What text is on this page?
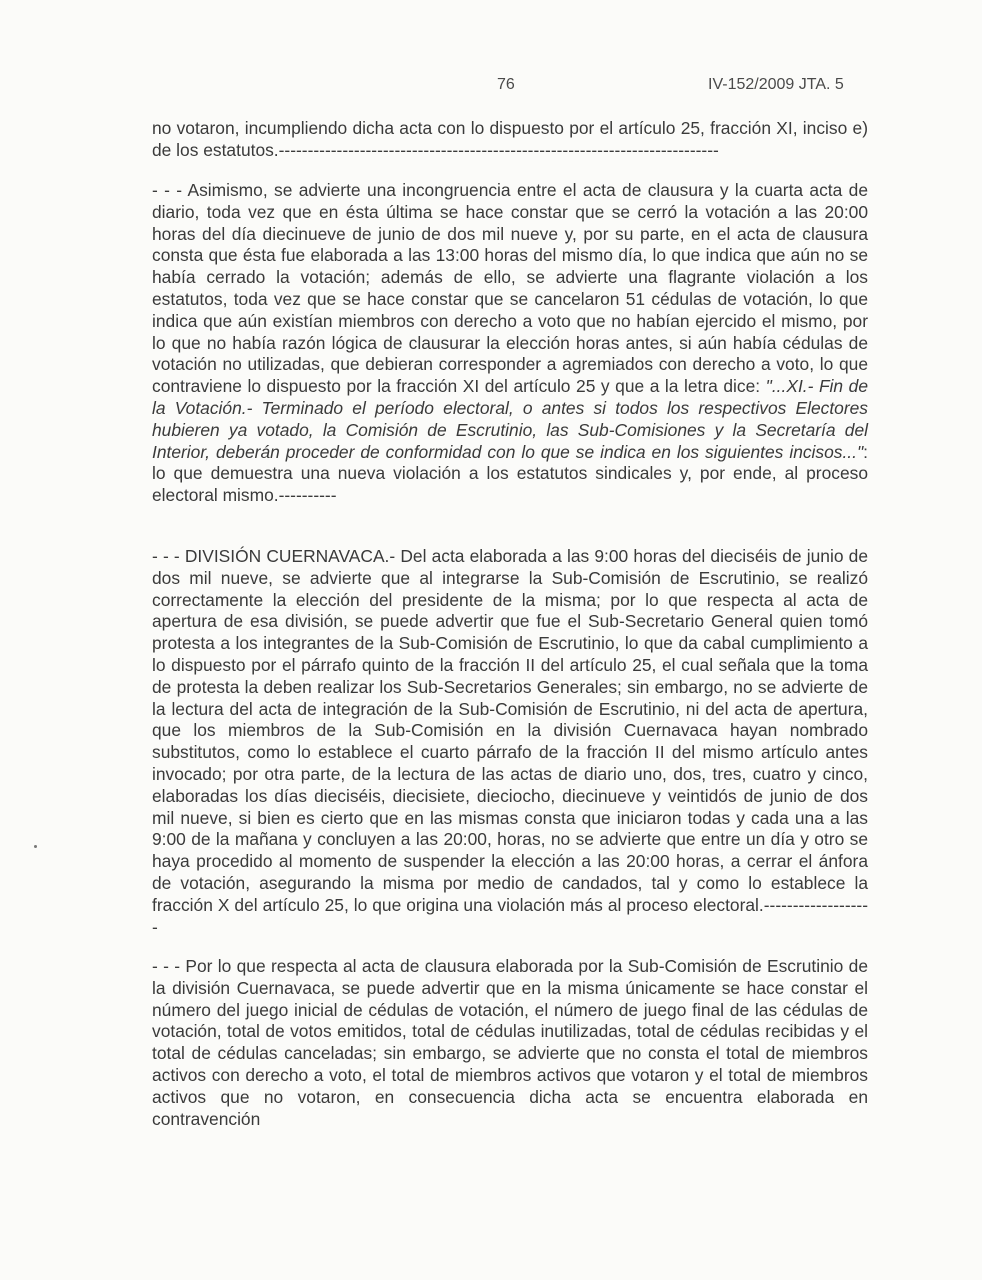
76	IV-152/2009 JTA. 5

no votaron, incumpliendo dicha acta con lo dispuesto por el artículo 25, fracción XI, inciso e) de los estatutos.----------------------------------------------------------------------------

- - - Asimismo, se advierte una incongruencia entre el acta de clausura y la cuarta acta de diario, toda vez que en ésta última se hace constar que se cerró la votación a las 20:00 horas del día diecinueve de junio de dos mil nueve y, por su parte, en el acta de clausura consta que ésta fue elaborada a las 13:00 horas del mismo día, lo que indica que aún no se había cerrado la votación; además de ello, se advierte una flagrante violación a los estatutos, toda vez que se hace constar que se cancelaron 51 cédulas de votación, lo que indica que aún existían miembros con derecho a voto que no habían ejercido el mismo, por lo que no había razón lógica de clausurar la elección horas antes, si aún había cédulas de votación no utilizadas, que debieran corresponder a agremiados con derecho a voto, lo que contraviene lo dispuesto por la fracción XI del artículo 25 y que a la letra dice: "...XI.- Fin de la Votación.- Terminado el período electoral, o antes si todos los respectivos Electores hubieren ya votado, la Comisión de Escrutinio, las Sub-Comisiones y la Secretaría del Interior, deberán proceder de conformidad con lo que se indica en los siguientes incisos...": lo que demuestra una nueva violación a los estatutos sindicales y, por ende, al proceso electoral mismo.----------

- - - DIVISIÓN CUERNAVACA.- Del acta elaborada a las 9:00 horas del dieciséis de junio de dos mil nueve, se advierte que al integrarse la Sub-Comisión de Escrutinio, se realizó correctamente la elección del presidente de la misma; por lo que respecta al acta de apertura de esa división, se puede advertir que fue el Sub-Secretario General quien tomó protesta a los integrantes de la Sub-Comisión de Escrutinio, lo que da cabal cumplimiento a lo dispuesto por el párrafo quinto de la fracción II del artículo 25, el cual señala que la toma de protesta la deben realizar los Sub-Secretarios Generales; sin embargo, no se advierte de la lectura del acta de integración de la Sub-Comisión de Escrutinio, ni del acta de apertura, que los miembros de la Sub-Comisión en la división Cuernavaca hayan nombrado substitutos, como lo establece el cuarto párrafo de la fracción II del mismo artículo antes invocado; por otra parte, de la lectura de las actas de diario uno, dos, tres, cuatro y cinco, elaboradas los días dieciséis, diecisiete, dieciocho, diecinueve y veintidós de junio de dos mil nueve, si bien es cierto que en las mismas consta que iniciaron todas y cada una a las 9:00 de la mañana y concluyen a las 20:00, horas, no se advierte que entre un día y otro se haya procedido al momento de suspender la elección a las 20:00 horas, a cerrar el ánfora de votación, asegurando la misma por medio de candados, tal y como lo establece la fracción X del artículo 25, lo que origina una violación más al proceso electoral.-------------------

- - - Por lo que respecta al acta de clausura elaborada por la Sub-Comisión de Escrutinio de la división Cuernavaca, se puede advertir que en la misma únicamente se hace constar el número del juego inicial de cédulas de votación, el número de juego final de las cédulas de votación, total de votos emitidos, total de cédulas inutilizadas, total de cédulas recibidas y el total de cédulas canceladas; sin embargo, se advierte que no consta el total de miembros activos con derecho a voto, el total de miembros activos que votaron y el total de miembros activos que no votaron, en consecuencia dicha acta se encuentra elaborada en contravención
